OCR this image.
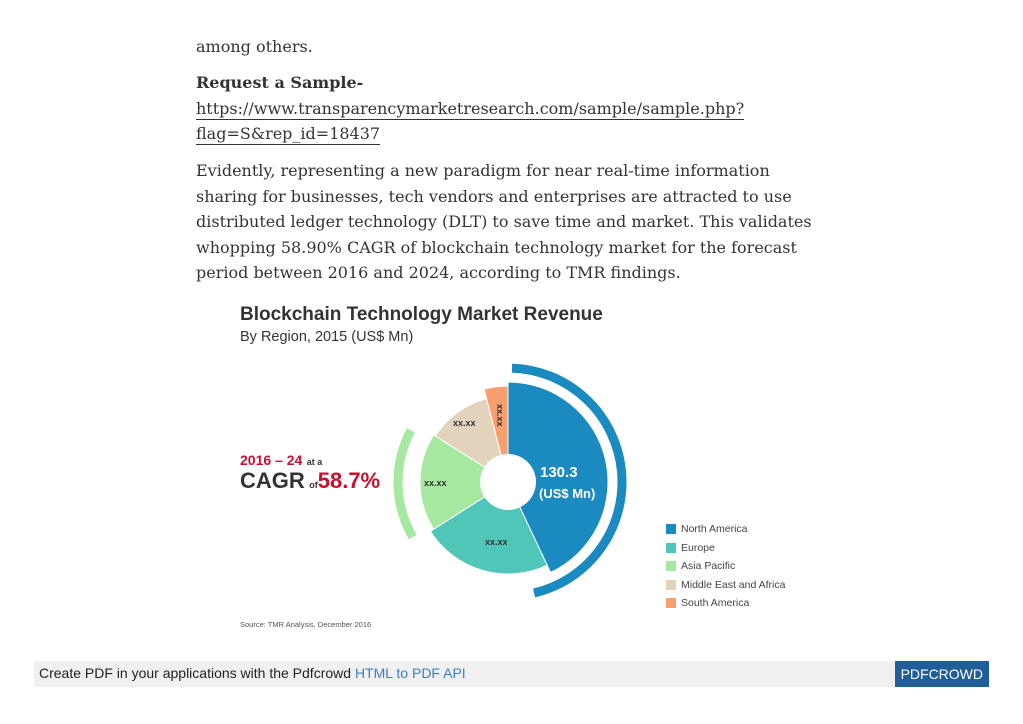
among others.

Request a Sample-

https://www.transparencymarketresearch.com/sample/sample.php?
flag=S&rep_id=18437

Evidently, representing a new paradigm for near real-time information sharing for businesses, tech vendors and enterprises are attracted to use distributed ledger technology (DLT) to save time and market. This validates whopping 58.90% CAGR of blockchain technology market for the forecast period between 2016 and 2024, according to TMR findings.

Blockchain Technology Market Revenue

By Region, 2015 (US$ Mn)

2016 – 24 at a
CAGR of58.7%	130.3
(US$ Mn)
xx.xx
xx.xx
xx.xx xx.xx
North America
Europe
Asia Pacific
Middle East and Africa
South America
Source: TMR Analysis, December 2016
Create PDF in your applications with the Pdfcrowd HTML to PDF API	PDFCROWD
